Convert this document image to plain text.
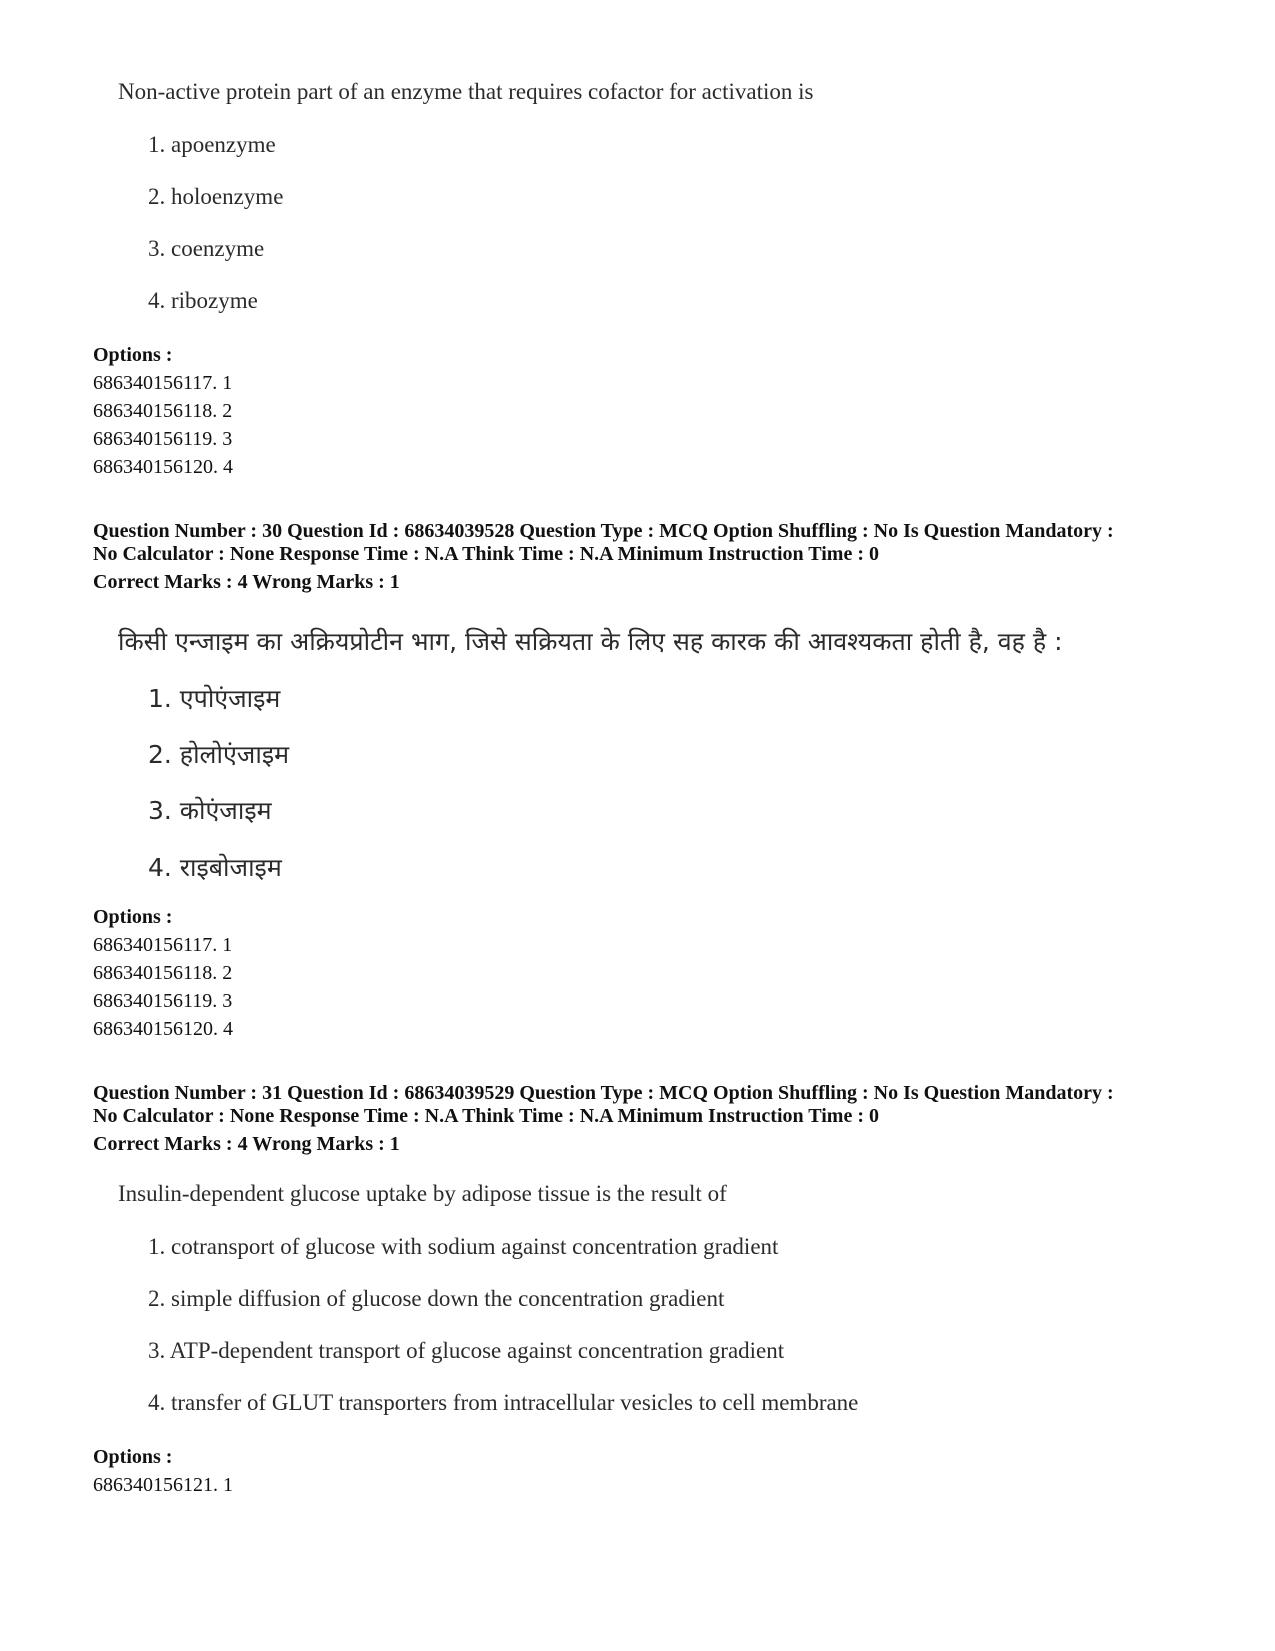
Non-active protein part of an enzyme that requires cofactor for activation is
1. apoenzyme
2. holoenzyme
3. coenzyme
4. ribozyme
Options :
686340156117. 1
686340156118. 2
686340156119. 3
686340156120. 4
Question Number : 30 Question Id : 68634039528 Question Type : MCQ Option Shuffling : No Is Question Mandatory :
No Calculator : None Response Time : N.A Think Time : N.A Minimum Instruction Time : 0
Correct Marks : 4 Wrong Marks : 1
किसी एन्जाइम का अक्रियप्रोटीन भाग, जिसे सक्रियता के लिए सह कारक की आवश्यकता होती है, वह है :
1. एपोएंजाइम
2. होलोएंजाइम
3. कोएंजाइम
4. राइबोजाइम
Options :
686340156117. 1
686340156118. 2
686340156119. 3
686340156120. 4
Question Number : 31 Question Id : 68634039529 Question Type : MCQ Option Shuffling : No Is Question Mandatory :
No Calculator : None Response Time : N.A Think Time : N.A Minimum Instruction Time : 0
Correct Marks : 4 Wrong Marks : 1
Insulin-dependent glucose uptake by adipose tissue is the result of
1. cotransport of glucose with sodium against concentration gradient
2. simple diffusion of glucose down the concentration gradient
3. ATP-dependent transport of glucose against concentration gradient
4. transfer of GLUT transporters from intracellular vesicles to cell membrane
Options :
686340156121. 1
